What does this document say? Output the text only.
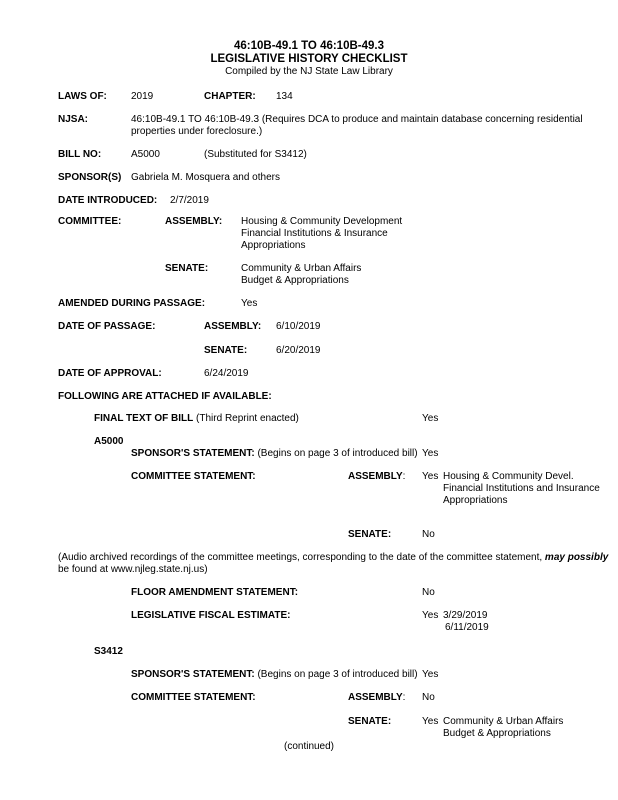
46:10B-49.1 TO 46:10B-49.3
LEGISLATIVE HISTORY CHECKLIST
Compiled by the NJ State Law Library
LAWS OF: 2019	CHAPTER: 134
NJSA:	46:10B-49.1 TO 46:10B-49.3 (Requires DCA to produce and maintain database concerning residential
properties under foreclosure.)
BILL NO:	A5000	(Substituted for S3412)
SPONSOR(S) Gabriela M. Mosquera and others
DATE INTRODUCED: 2/7/2019
COMMITTEE:	ASSEMBLY: Housing & Community Development
Financial Institutions & Insurance
Appropriations
SENATE:	Community & Urban Affairs
Budget & Appropriations
AMENDED DURING PASSAGE:	Yes
DATE OF PASSAGE:	ASSEMBLY: 6/10/2019
SENATE:	6/20/2019
DATE OF APPROVAL:	6/24/2019
FOLLOWING ARE ATTACHED IF AVAILABLE:
FINAL TEXT OF BILL (Third Reprint enacted)	Yes
A5000
SPONSOR'S STATEMENT: (Begins on page 3 of introduced bill) Yes
COMMITTEE STATEMENT:	ASSEMBLY: Yes Housing & Community Devel.
Financial Institutions and Insurance
Appropriations
SENATE:	No
(Audio archived recordings of the committee meetings, corresponding to the date of the committee statement, may possibly
be found at www.njleg.state.nj.us)
FLOOR AMENDMENT STATEMENT:	No
LEGISLATIVE FISCAL ESTIMATE:	Yes 3/29/2019
6/11/2019
S3412
SPONSOR'S STATEMENT: (Begins on page 3 of introduced bill) Yes
COMMITTEE STATEMENT:	ASSEMBLY: No
SENATE:	Yes Community & Urban Affairs
Budget & Appropriations
(continued)
